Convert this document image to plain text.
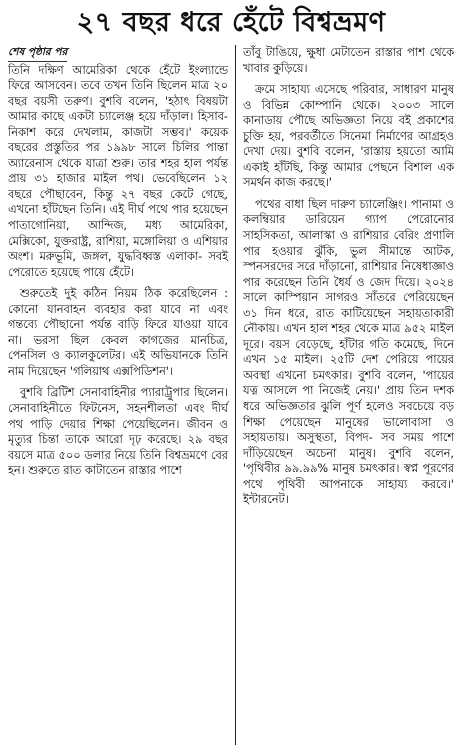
২৭ বছর ধরে হেঁটে বিশ্বভ্রমণ
শেষ পৃষ্ঠার পর

তিনি দক্ষিণ আমেরিকা থেকে হেঁটে ইংল্যান্ডে ফিরে আসবেন। তবে তখন তিনি ছিলেন মাত্র ২০ বছর বয়সী তরুণ। বুশবি বলেন, 'হঠাৎ বিষয়টা আমার কাছে একটা চ্যালেঞ্জ হয়ে দাঁড়াল। হিসাব-নিকাশ করে দেখলাম, কাজটা সম্ভব।' কয়েক বছরের প্রস্তুতির পর ১৯৯৮ সালে চিলির পান্তা অ্যারেনাস থেকে যাত্রা শুরু। তার শহর হাল পর্যন্ত প্রায় ৩১ হাজার মাইল পথ। ভেবেছিলেন ১২ বছরে পৌছাবেন, কিন্তু ২৭ বছর কেটে গেছে, এখনো হাঁটছেন তিনি। এই দীর্ঘ পথে পার হয়েছেন পাতাগোনিয়া, আন্দিজ, মধ্য আমেরিকা, মেক্সিকো, যুক্তরাষ্ট্র, রাশিয়া, মঙ্গোলিয়া ও এশিয়ার অংশ। মরুভূমি, জঙ্গল, যুদ্ধবিধ্বস্ত এলাকা- সবই পেরোতে হয়েছে পায়ে হেঁটে।

শুরুতেই দুই কঠিন নিয়ম ঠিক করেছিলেন : কোনো যানবাহন ব্যবহার করা যাবে না এবং গন্তব্যে পৌছানো পর্যন্ত বাড়ি ফিরে যাওয়া যাবে না। ভরসা ছিল কেবল কাগজের মানচিত্র, পেনসিল ও ক্যালকুলেটর। এই অভিযানকে তিনি নাম দিয়েছেন 'গলিয়াথ এক্সপিডিশন'।

বুশবি ব্রিটিশ সেনাবাহিনীর প্যারাট্রুপার ছিলেন। সেনাবাহিনীতে ফিটনেস, সহনশীলতা এবং দীর্ঘ পথ পাড়ি দেয়ার শিক্ষা পেয়েছিলেন। জীবন ও মৃত্যুর চিন্তা তাকে আরো দৃঢ় করেছে। ২৯ বছর বয়সে মাত্র ৫০০ ডলার নিয়ে তিনি বিশ্বভ্রমণে বের হন। শুরুতে রাত কাটাতেন রাস্তার পাশে

তাঁবু টাঙিয়ে, ক্ষুধা মেটাতেন রাস্তার পাশ থেকে খাবার কুড়িয়ে।

ক্রমে সাহায্য এসেছে পরিবার, সাধারণ মানুষ ও বিভিন্ন কোম্পানি থেকে। ২০০৩ সালে কানাডায় পৌছে অভিজ্ঞতা নিয়ে বই প্রকাশের চুক্তি হয়, পরবর্তীতে সিনেমা নির্মাণের আগ্রহও দেখা দেয়। বুশবি বলেন, 'রাস্তায় হয়তো আমি একাই হাঁটছি, কিন্তু আমার পেছনে বিশাল এক সমর্থন কাজ করছে।'

পথের বাধা ছিল দারুণ চ্যালেঞ্জিং। পানামা ও কলম্বিয়ার ডারিয়েন গ্যাপ পেরোনোর সাহসিকতা, আলাস্কা ও রাশিয়ার বেরিং প্রণালি পার হওয়ার ঝুঁকি, ভুল সীমান্তে আটক, স্পনসরদের সরে দাঁড়ানো, রাশিয়ার নিষেধাজ্ঞাও পার করেছেন তিনি ধৈর্য ও জেদ দিয়ে। ২০২৪ সালে কাস্পিয়ান সাগরও সাঁতরে পেরিয়েছেন ৩১ দিন ধরে, রাত কাটিয়েছেন সহায়তাকারী নৌকায়। এখন হাল শহর থেকে মাত্র ৯৫২ মাইল দূরে। বয়স বেড়েছে, হাঁটার গতি কমেছে, দিনে এখন ১৫ মাইল। ২৫টি দেশ পেরিয়ে পায়ের অবস্থা এখনো চমৎকার। বুশবি বলেন, 'পায়ের যত্ন আসলে পা নিজেই নেয়।' প্রায় তিন দশক ধরে অভিজ্ঞতার ঝুলি পূর্ণ হলেও সবচেয়ে বড় শিক্ষা পেয়েছেন মানুষের ভালোবাসা ও সহায়তায়। অসুস্থতা, বিপদ- সব সময় পাশে দাঁড়িয়েছেন অচেনা মানুষ। বুশবি বলেন, 'পৃথিবীর ৯৯.৯৯% মানুষ চমৎকার। স্বপ্ন পূরণের পথে পৃথিবী আপনাকে সাহায্য করবে।' ইন্টারনেট।
